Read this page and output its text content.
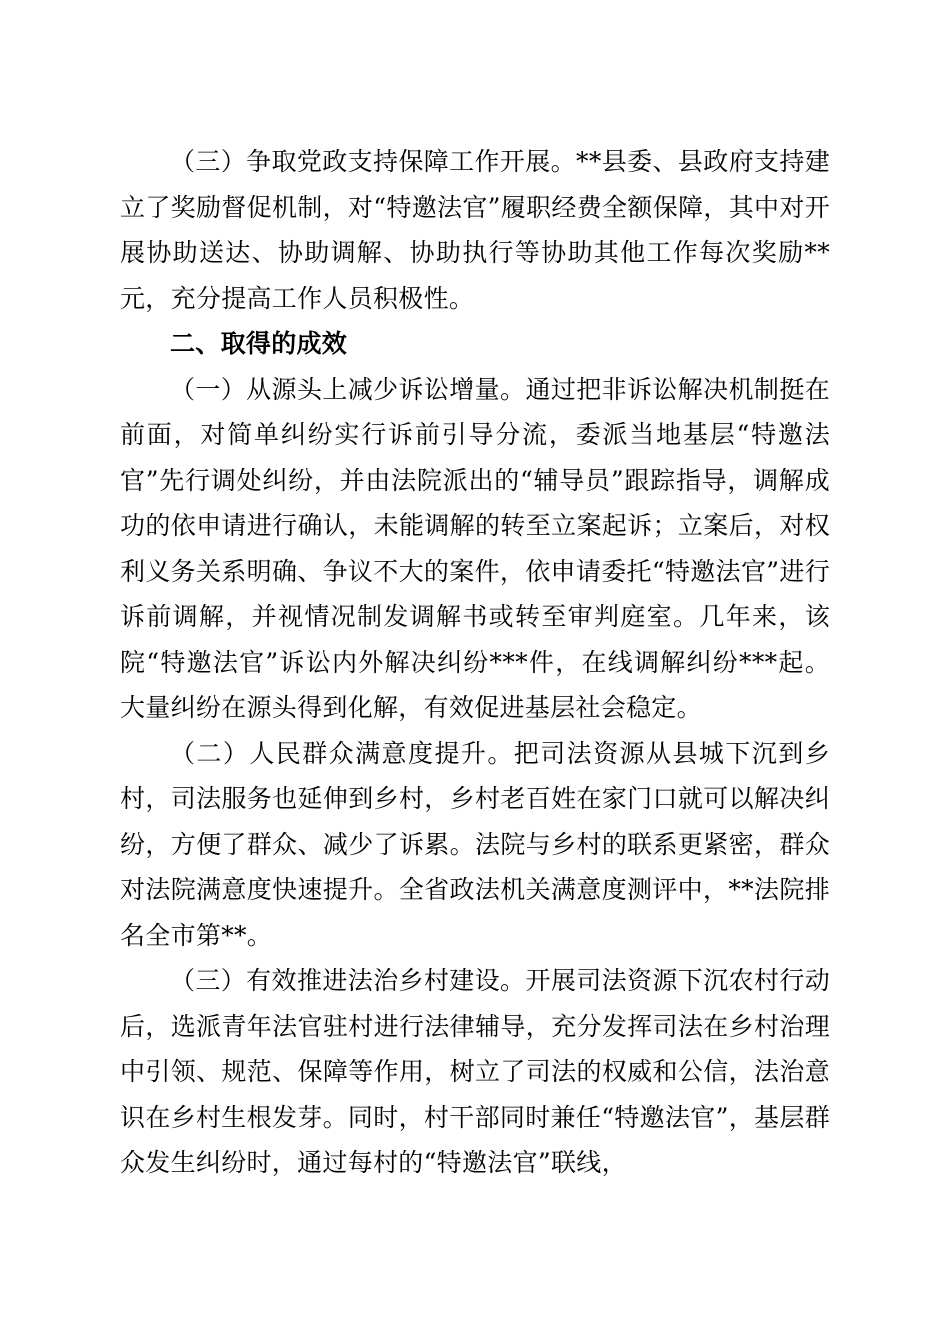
（三）争取党政支持保障工作开展。**县委、县政府支持建立了奖励督促机制，对“特邀法官”履职经费全额保障，其中对开展协助送达、协助调解、协助执行等协助其他工作每次奖励**元，充分提高工作人员积极性。

二、取得的成效

（一）从源头上减少诉讼增量。通过把非诉讼解决机制挺在前面，对简单纠纷实行诉前引导分流，委派当地基层“特邀法官”先行调处纠纷，并由法院派出的“辅导员”跟踪指导，调解成功的依申请进行确认，未能调解的转至立案起诉；立案后，对权利义务关系明确、争议不大的案件，依申请委托“特邀法官”进行诉前调解，并视情况制发调解书或转至审判庭室。几年来，该院“特邀法官”诉讼内外解决纠纷***件，在线调解纠纷***起。大量纠纷在源头得到化解，有效促进基层社会稳定。

（二）人民群众满意度提升。把司法资源从县城下沉到乡村，司法服务也延伸到乡村，乡村老百姓在家门口就可以解决纠纷，方便了群众、减少了诉累。法院与乡村的联系更紧密，群众对法院满意度快速提升。全省政法机关满意度测评中，**法院排名全市第**。

（三）有效推进法治乡村建设。开展司法资源下沉农村行动后，选派青年法官驻村进行法律辅导，充分发挥司法在乡村治理中引领、规范、保障等作用，树立了司法的权威和公信，法治意识在乡村生根发芽。同时，村干部同时兼任“特邀法官”，基层群众发生纠纷时，通过每村的“特邀法官”联线，
